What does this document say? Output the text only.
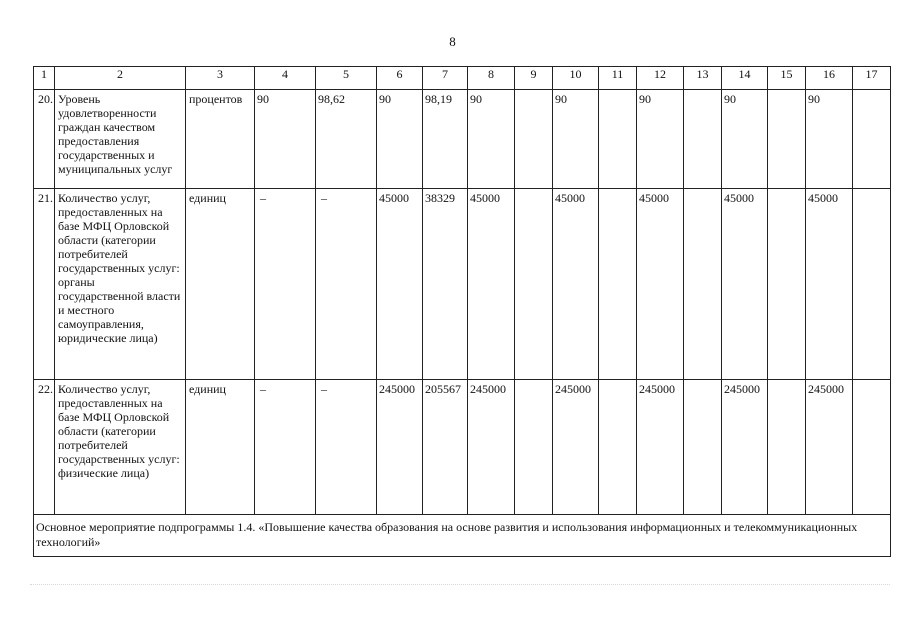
8
1	2	3	4	5	6	7	8	9	10	11	12	13	14	15	16	17
20.	Уровень удовлетворенности граждан качеством предоставления государственных и муниципальных услуг	процентов	90	98,62	90	98,19	90		90		90		90		90	
21.	Количество услуг, предоставленных на базе МФЦ Орловской области (категории потребителей государственных услуг: органы государственной власти и местного самоуправления, юридические лица)	единиц	–	–	45000	38329	45000		45000		45000		45000		45000	
22.	Количество услуг, предоставленных на базе МФЦ Орловской области (категории потребителей государственных услуг: физические лица)	единиц	–	–	245000	205567	245000		245000		245000		245000		245000	
Основное мероприятие подпрограммы 1.4. «Повышение качества образования на основе развития и использования информационных и телекоммуникационных технологий»																
